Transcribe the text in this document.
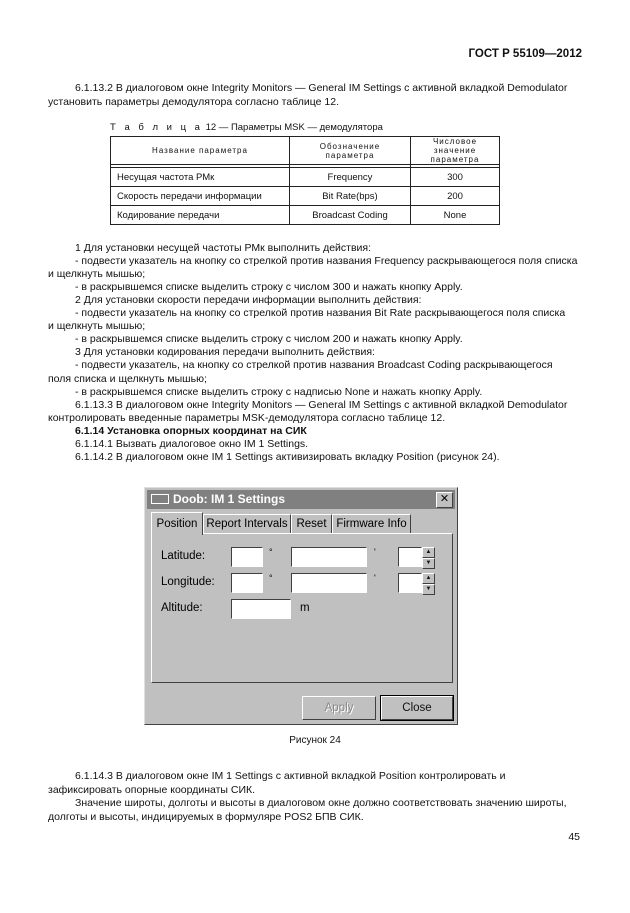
ГОСТ Р 55109—2012
6.1.13.2 В диалоговом окне Integrity Monitors — General IM Settings с активной вкладкой Demodulator установить параметры демодулятора согласно таблице 12.
Т а б л и ц а 12 — Параметры MSK — демодулятора
Название параметра	Обозначение параметра	Числовое значение параметра

Несущая частота РМк	Frequency	300
Скорость передачи информации	Bit Rate(bps)	200
Кодирование передачи	Broadcast Coding	None
1 Для установки несущей частоты РМк выполнить действия:
- подвести указатель на кнопку со стрелкой против названия Frequency раскрывающегося поля списка
и щелкнуть мышью;
- в раскрывшемся списке выделить строку с числом 300 и нажать кнопку Apply.
2 Для установки скорости передачи информации выполнить действия:
- подвести указатель на кнопку со стрелкой против названия Bit Rate раскрывающегося поля списка
и щелкнуть мышью;
- в раскрывшемся списке выделить строку с числом 200 и нажать кнопку Apply.
3 Для установки кодирования передачи выполнить действия:
- подвести указатель, на кнопку со стрелкой против названия Broadcast Coding раскрывающегося
поля списка и щелкнуть мышью;
- в раскрывшемся списке выделить строку с надписью None и нажать кнопку Apply.
6.1.13.3 В диалоговом окне Integrity Monitors — General IM Settings с активной вкладкой Demodulator
контролировать введенные параметры MSK-демодулятора согласно таблице 12.
6.1.14 Установка опорных координат на СИК
6.1.14.1 Вызвать диалоговое окно IM 1 Settings.
6.1.14.2 В диалоговом окне IM 1 Settings активизировать вкладку Position (рисунок 24).
Doob: IM 1 Settings	✕
Position Report Intervals Reset Firmware Info
Latitude:	°	'	▲
▼
Longitude:	°	'	▲
▼
Altitude:	m
Apply	Close
Рисунок 24
6.1.14.3 В диалоговом окне IM 1 Settings с активной вкладкой Position контролировать и зафиксировать опорные координаты СИК.
Значение широты, долготы и высоты в диалоговом окне должно соответствовать значению широты, долготы и высоты, индицируемых в формуляре POS2 БПВ СИК.
45
